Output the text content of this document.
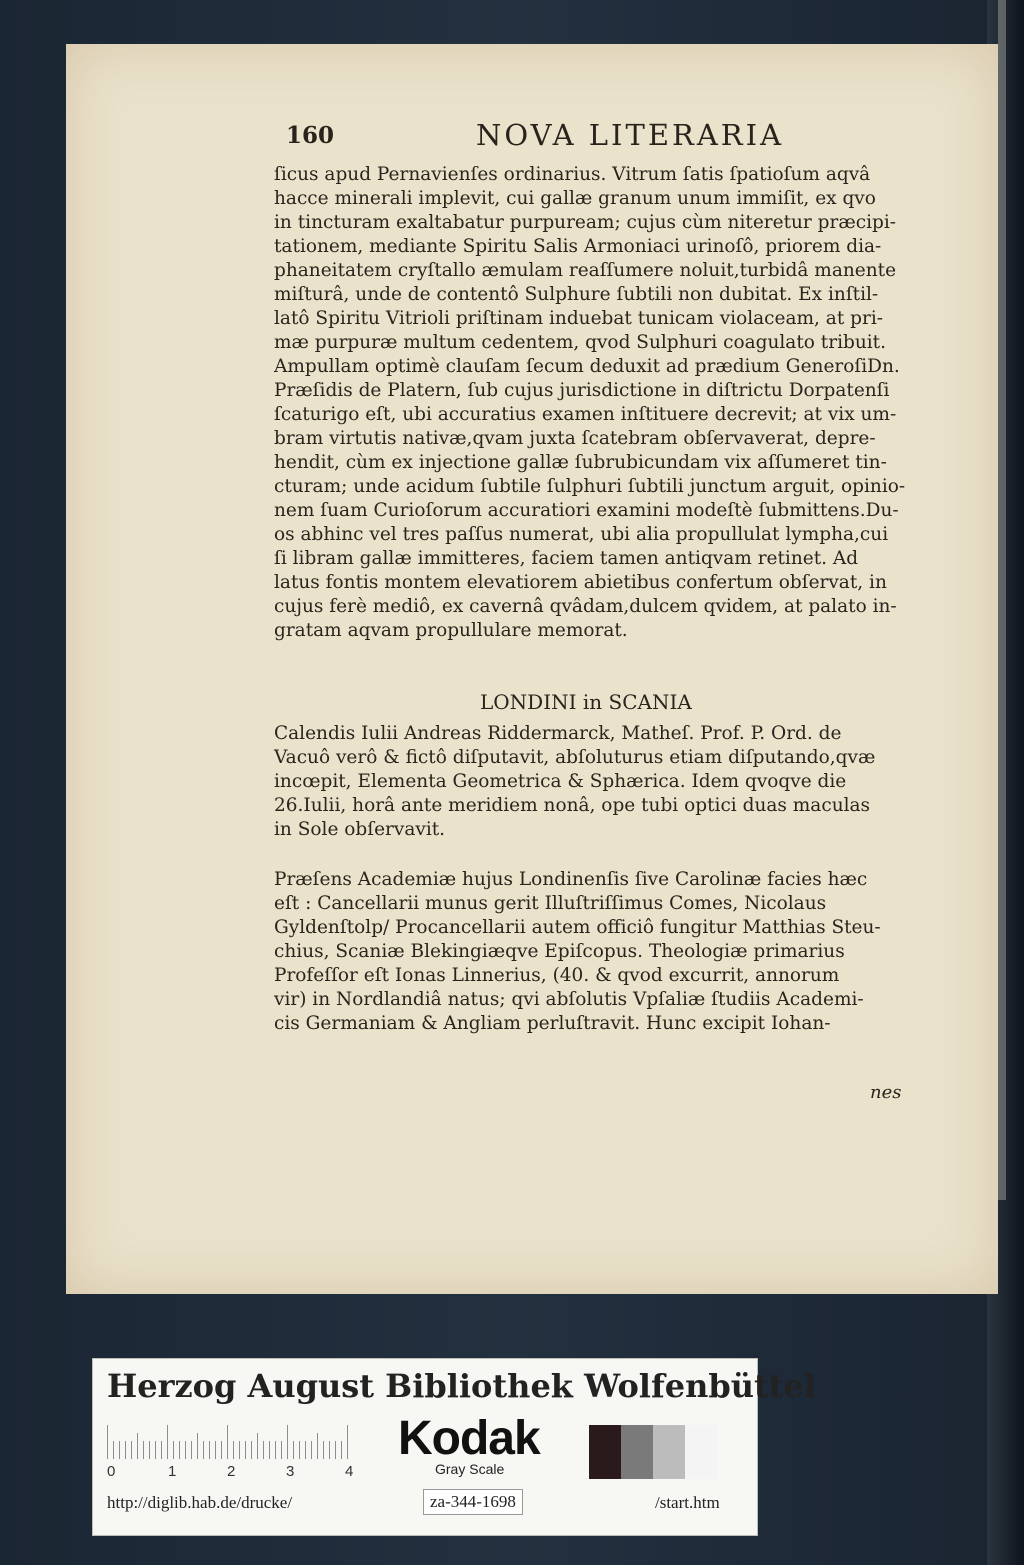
160	NOVA LITERARIA
ſicus apud Pernavienſes ordinarius. Vitrum ſatis ſpatioſum aqvâ
hacce minerali implevit, cui gallæ granum unum immiſit, ex qvo
in tincturam exaltabatur purpuream; cujus cùm niteretur præcipi-
tationem, mediante Spiritu Salis Armoniaci urinoſô, priorem dia-
phaneitatem cryſtallo æmulam reaſſumere noluit,turbidâ manente
miſturâ, unde de contentô Sulphure ſubtili non dubitat. Ex inſtil-
latô Spiritu Vitrioli priſtinam induebat tunicam violaceam, at pri-
mæ purpuræ multum cedentem, qvod Sulphuri coagulato tribuit.
Ampullam optimè clauſam ſecum deduxit ad prædium GeneroſiDn.
Præſidis de Platern, ſub cujus jurisdictione in diſtrictu Dorpatenſi
ſcaturigo eſt, ubi accuratius examen inſtituere decrevit; at vix um-
bram virtutis nativæ,qvam juxta ſcatebram obſervaverat, depre-
hendit, cùm ex injectione gallæ ſubrubicundam vix aſſumeret tin-
cturam; unde acidum ſubtile ſulphuri ſubtili junctum arguit, opinio-
nem ſuam Curioſorum accuratiori examini modeſtè ſubmittens.Du-
os abhinc vel tres paſſus numerat, ubi alia propullulat lympha,cui
ſi libram gallæ immitteres, faciem tamen antiqvam retinet. Ad
latus fontis montem elevatiorem abietibus confertum obſervat, in
cujus ferè mediô, ex cavernâ qvâdam,dulcem qvidem, at palato in-
gratam aqvam propullulare memorat.
LONDINI in SCANIA
Calendis Iulii Andreas Riddermarck, Matheſ. Prof. P. Ord. de
Vacuô verô & fictô diſputavit, abſoluturus etiam diſputando,qvæ
incœpit, Elementa Geometrica & Sphærica. Idem qvoqve die
26.Iulii, horâ ante meridiem nonâ, ope tubi optici duas maculas
in Sole obſervavit.
Præſens Academiæ hujus Londinenſis ſive Carolinæ facies hæc
eſt : Cancellarii munus gerit Illuſtriſſimus Comes, Nicolaus
Gyldenſtolp/ Procancellarii autem officiô fungitur Matthias Steu-
chius, Scaniæ Blekingiæqve Epiſcopus. Theologiæ primarius
Profeſſor eſt Ionas Linnerius, (40. & qvod excurrit, annorum
vir) in Nordlandiâ natus; qvi abſolutis Vpſaliæ ſtudiis Academi-
cis Germaniam & Angliam perluſtravit. Hunc excipit Iohan-
nes
Herzog August Bibliothek Wolfenbüttel
0	1	2	3	4
Kodak
Gray Scale
http://diglib.hab.de/drucke/	za-344-1698	/start.htm
